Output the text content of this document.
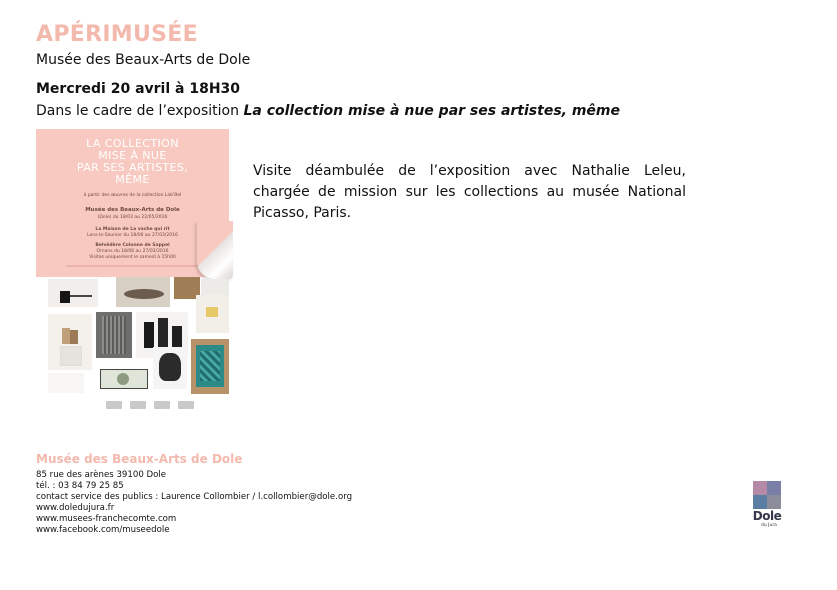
APÉRIMUSÉE
Musée des Beaux-Arts de Dole
Mercredi 20 avril à 18H30
Dans le cadre de l’exposition La collection mise à nue par ses artistes, même
LA COLLECTION
MISE À NUE
PAR SES ARTISTES,
MÊME
à partir des œuvres de la collection Lab'Bel
Musée des Beaux-Arts de Dole
(Dole) du 18/03 au 22/05/2016
La Maison de La vache qui rit
Lons-le-Saunier du 18/06 au 27/03/2016
Belvédère Colonne de Sappel
Ornans du 18/06 au 27/03/2016
Visites uniquement le samedi à 15h00
Visite déambulée de l’exposition avec Nathalie Leleu, chargée de mission sur les collections au musée National Picasso, Paris.
Musée des Beaux-Arts de Dole
85 rue des arènes 39100 Dole
tél. : 03 84 79 25 85
contact service des publics : Laurence Collombier / l.collombier@dole.org
www.doledujura.fr
www.musees-franchecomte.com
www.facebook.com/museedole
Dole
du Jura
